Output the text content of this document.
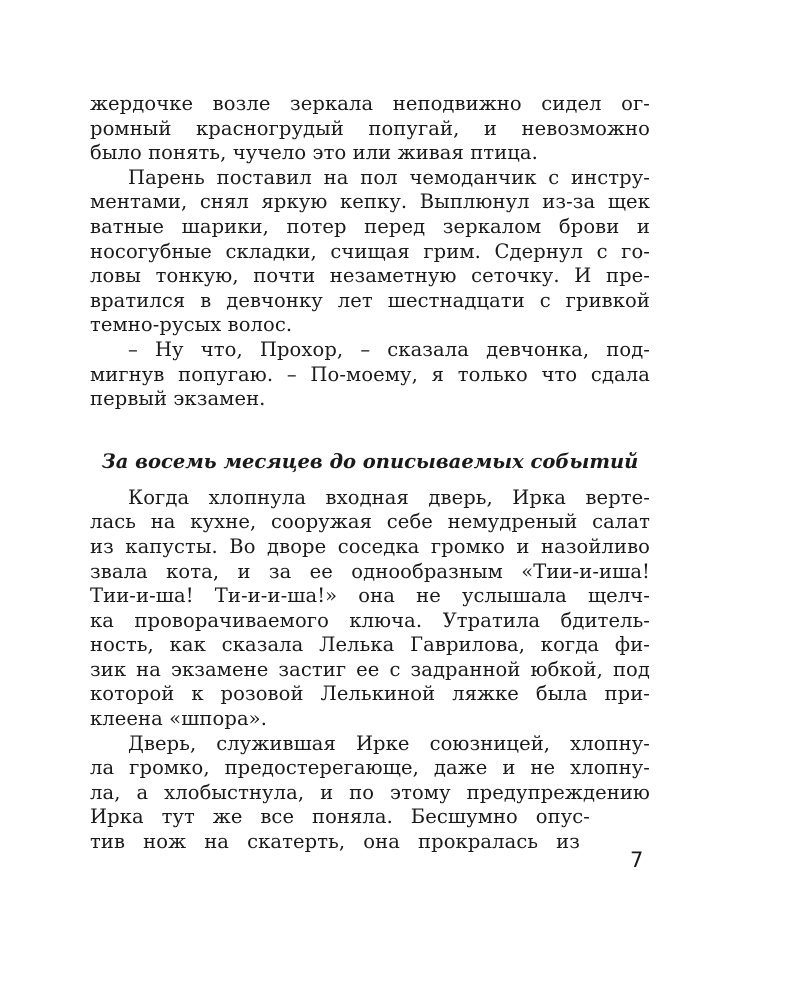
жердочке возле зеркала неподвижно сидел ог-
ромный красногрудый попугай, и невозможно
было понять, чучело это или живая птица.
Парень поставил на пол чемоданчик с инстру-
ментами, снял яркую кепку. Выплюнул из-за щек
ватные шарики, потер перед зеркалом брови и
носогубные складки, счищая грим. Сдернул с го-
ловы тонкую, почти незаметную сеточку. И пре-
вратился в девчонку лет шестнадцати с гривкой
темно-русых волос.
– Ну что, Прохор, – сказала девчонка, под-
мигнув попугаю. – По-моему, я только что сдала
первый экзамен.
За восемь месяцев до описываемых событий
Когда хлопнула входная дверь, Ирка верте-
лась на кухне, сооружая себе немудреный салат
из капусты. Во дворе соседка громко и назойливо
звала кота, и за ее однообразным «Тии-и-иша!
Тии-и-ша! Ти-и-и-ша!» она не услышала щелч-
ка проворачиваемого ключа. Утратила бдитель-
ность, как сказала Лелька Гаврилова, когда фи-
зик на экзамене застиг ее с задранной юбкой, под
которой к розовой Лелькиной ляжке была при-
клеена «шпора».
Дверь, служившая Ирке союзницей, хлопну-
ла громко, предостерегающе, даже и не хлопну-
ла, а хлобыстнула, и по этому предупреждению
Ирка тут же все поняла. Бесшумно опус-
тив нож на скатерть, она прокралась из
7
